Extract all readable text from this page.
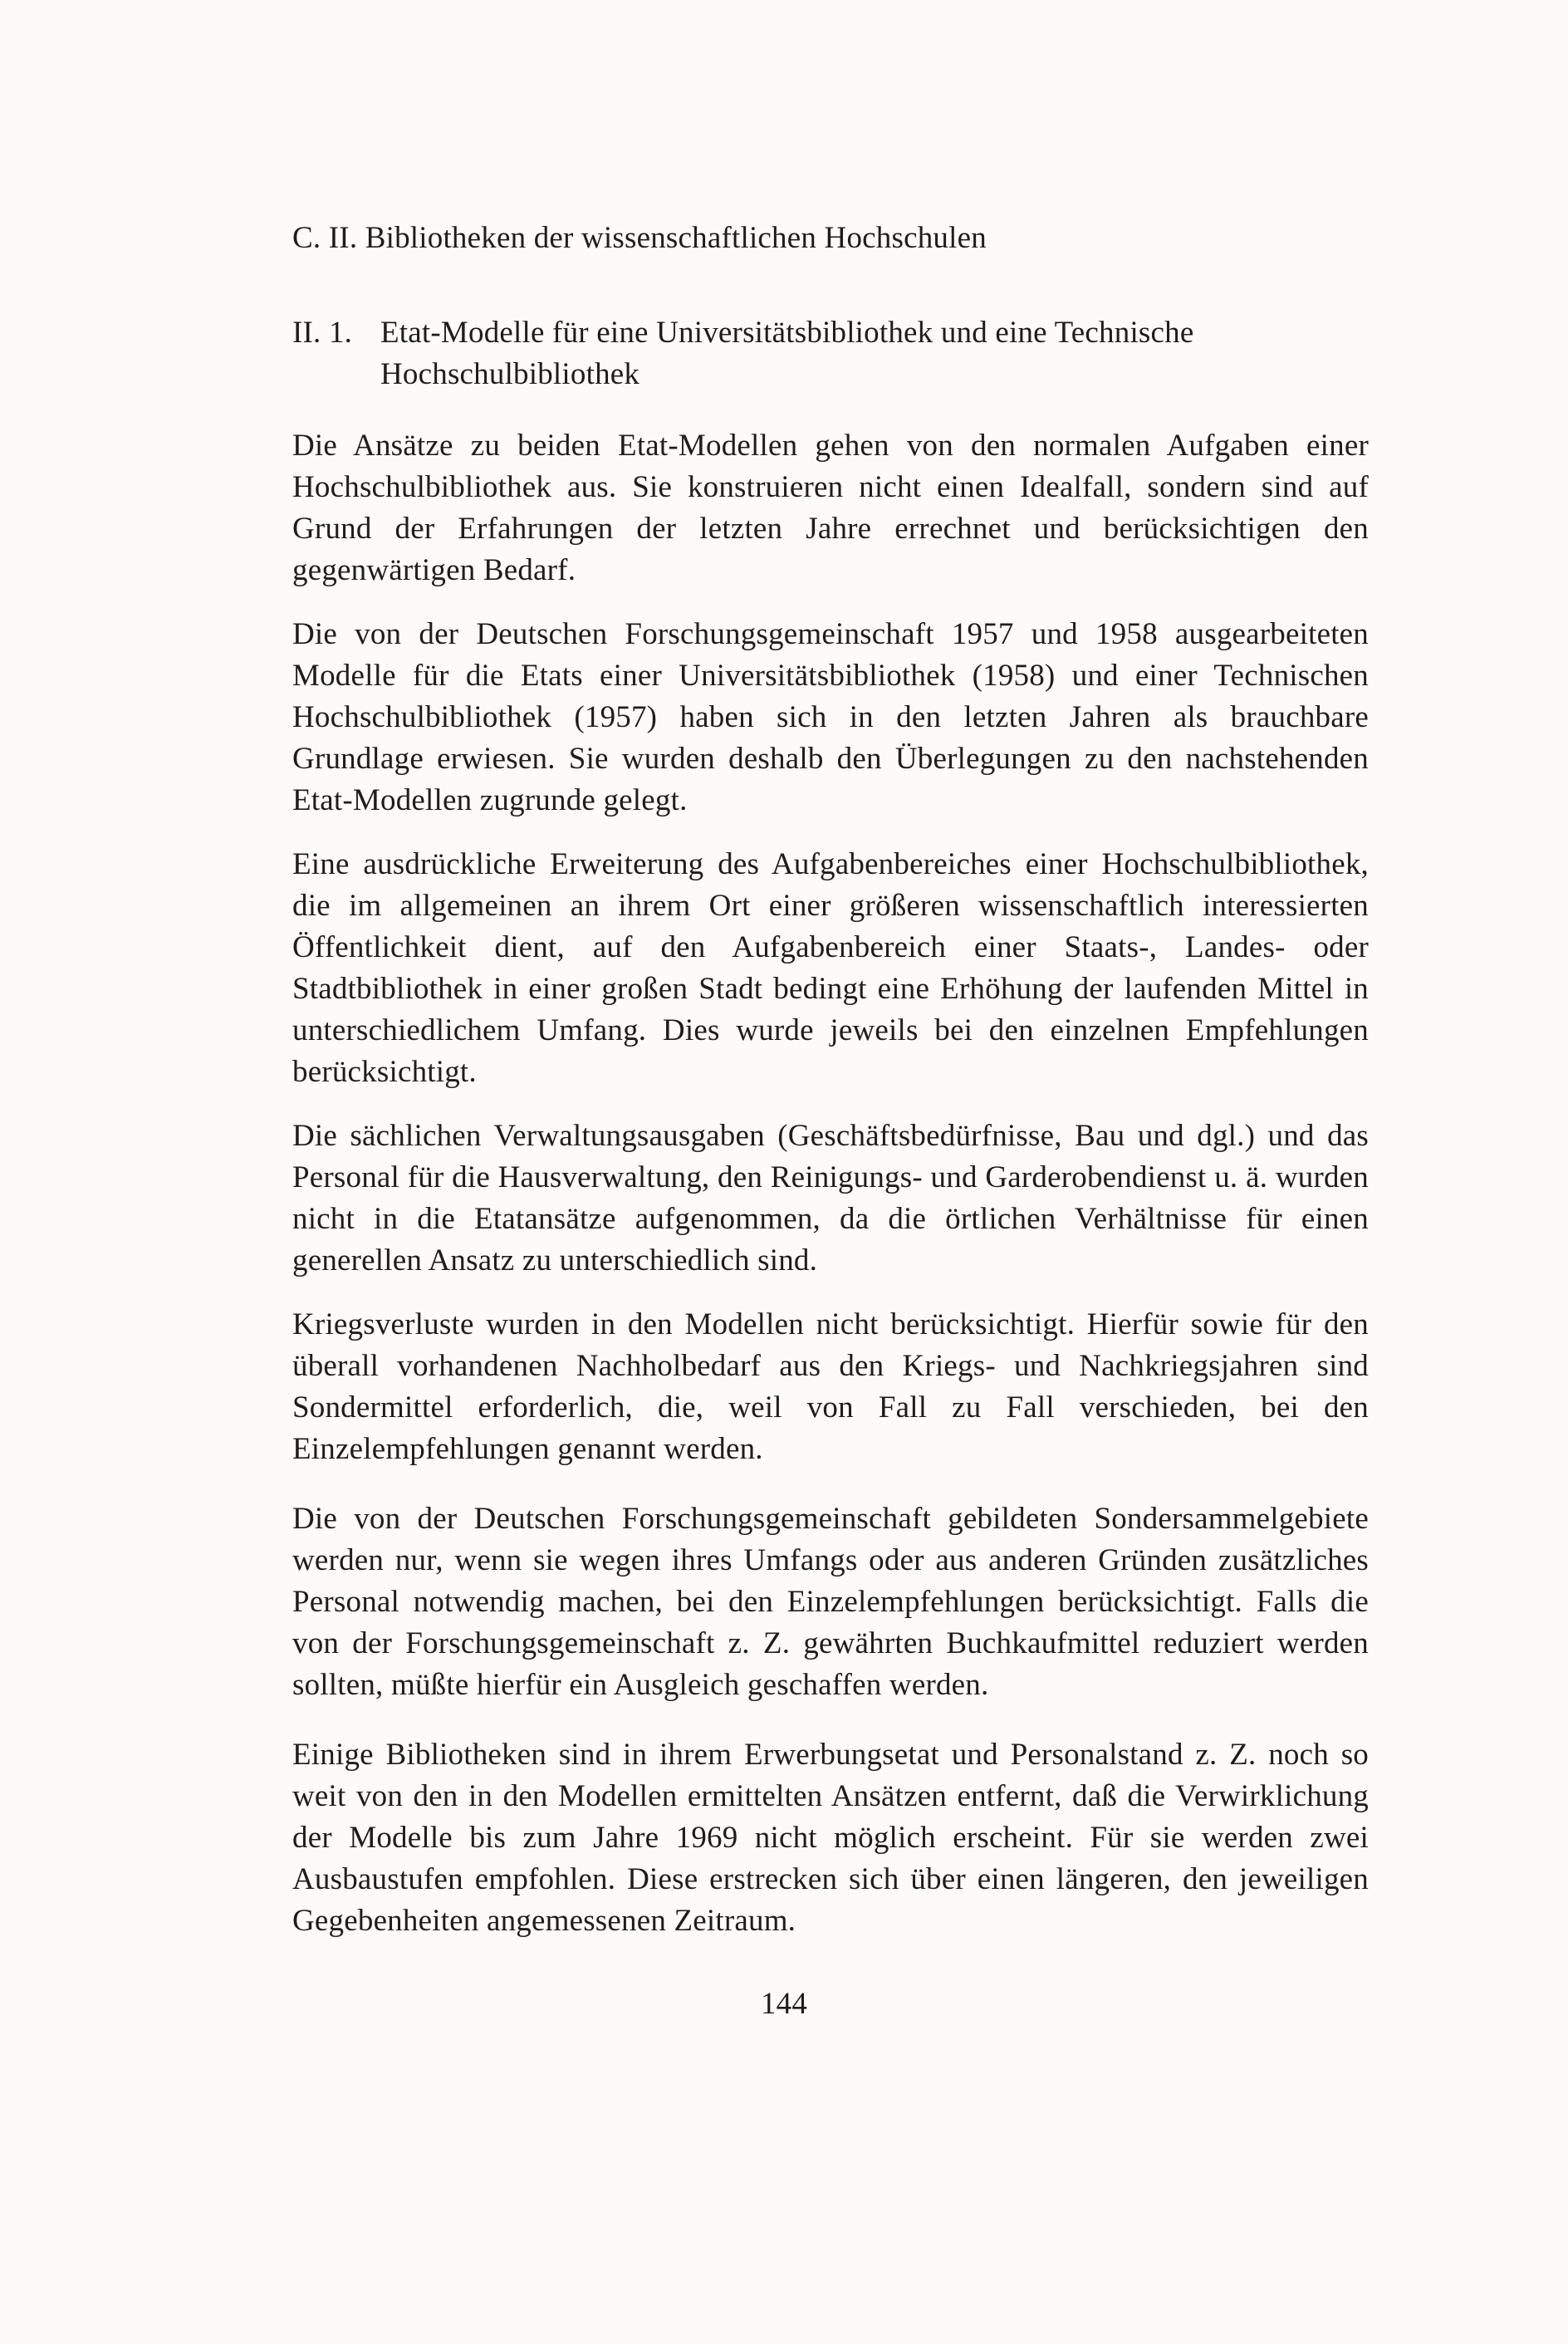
C. II. Bibliotheken der wissenschaftlichen Hochschulen
II. 1. Etat-Modelle für eine Universitätsbibliothek und eine Technische
Hochschulbibliothek

Die Ansätze zu beiden Etat-Modellen gehen von den normalen Aufgaben einer Hochschulbibliothek aus. Sie konstruieren nicht einen Idealfall, sondern sind auf Grund der Erfahrungen der letzten Jahre errechnet und berücksichtigen den gegenwärtigen Bedarf.

Die von der Deutschen Forschungsgemeinschaft 1957 und 1958 ausgearbeiteten Modelle für die Etats einer Universitätsbibliothek (1958) und einer Technischen Hochschulbibliothek (1957) haben sich in den letzten Jahren als brauchbare Grundlage erwiesen. Sie wurden deshalb den Überlegungen zu den nachstehenden Etat-Modellen zugrunde gelegt.

Eine ausdrückliche Erweiterung des Aufgabenbereiches einer Hochschulbibliothek, die im allgemeinen an ihrem Ort einer größeren wissenschaftlich interessierten Öffentlichkeit dient, auf den Aufgabenbereich einer Staats-, Landes- oder Stadtbibliothek in einer großen Stadt bedingt eine Erhöhung der laufenden Mittel in unterschiedlichem Umfang. Dies wurde jeweils bei den einzelnen Empfehlungen berücksichtigt.

Die sächlichen Verwaltungsausgaben (Geschäftsbedürfnisse, Bau und dgl.) und das Personal für die Hausverwaltung, den Reinigungs- und Garderobendienst u. ä. wurden nicht in die Etatansätze aufgenommen, da die örtlichen Verhältnisse für einen generellen Ansatz zu unterschiedlich sind.

Kriegsverluste wurden in den Modellen nicht berücksichtigt. Hierfür sowie für den überall vorhandenen Nachholbedarf aus den Kriegs- und Nachkriegsjahren sind Sondermittel erforderlich, die, weil von Fall zu Fall verschieden, bei den Einzelempfehlungen genannt werden.

Die von der Deutschen Forschungsgemeinschaft gebildeten Sondersammelgebiete werden nur, wenn sie wegen ihres Umfangs oder aus anderen Gründen zusätzliches Personal notwendig machen, bei den Einzelempfehlungen berücksichtigt. Falls die von der Forschungsgemeinschaft z. Z. gewährten Buchkaufmittel reduziert werden sollten, müßte hierfür ein Ausgleich geschaffen werden.

Einige Bibliotheken sind in ihrem Erwerbungsetat und Personalstand z. Z. noch so weit von den in den Modellen ermittelten Ansätzen entfernt, daß die Verwirklichung der Modelle bis zum Jahre 1969 nicht möglich erscheint. Für sie werden zwei Ausbaustufen empfohlen. Diese erstrecken sich über einen längeren, den jeweiligen Gegebenheiten angemessenen Zeitraum.

144
